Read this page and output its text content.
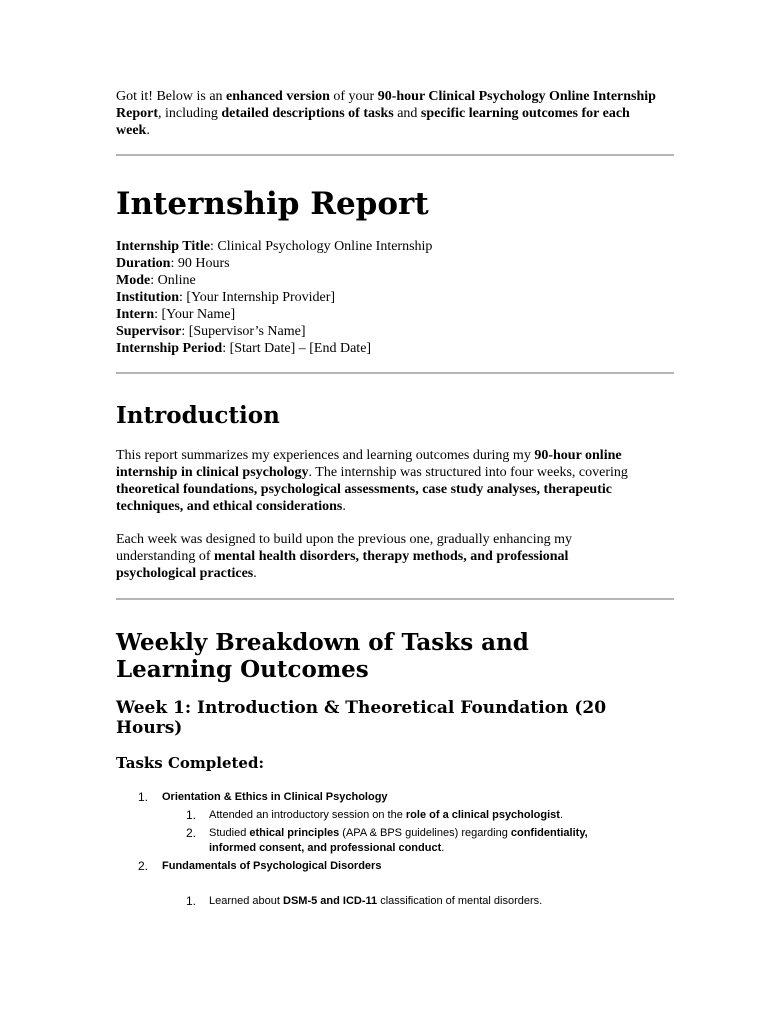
Got it! Below is an enhanced version of your 90-hour Clinical Psychology Online Internship Report, including detailed descriptions of tasks and specific learning outcomes for each week.

Internship Report

Internship Title: Clinical Psychology Online Internship

Duration: 90 Hours

Mode: Online

Institution: [Your Internship Provider]

Intern: [Your Name]

Supervisor: [Supervisor’s Name]

Internship Period: [Start Date] – [End Date]

Introduction

This report summarizes my experiences and learning outcomes during my 90-hour online internship in clinical psychology. The internship was structured into four weeks, covering theoretical foundations, psychological assessments, case study analyses, therapeutic techniques, and ethical considerations.

Each week was designed to build upon the previous one, gradually enhancing my understanding of mental health disorders, therapy methods, and professional psychological practices.

Weekly Breakdown of Tasks and Learning Outcomes
Week 1: Introduction & Theoretical Foundation (20 Hours)
Tasks Completed:
1. Orientation & Ethics in Clinical Psychology

1. Attended an introductory session on the role of a clinical psychologist.

2. Studied ethical principles (APA & BPS guidelines) regarding confidentiality, informed consent, and professional conduct.

2. Fundamentals of Psychological Disorders

1. Learned about DSM-5 and ICD-11 classification of mental disorders.
